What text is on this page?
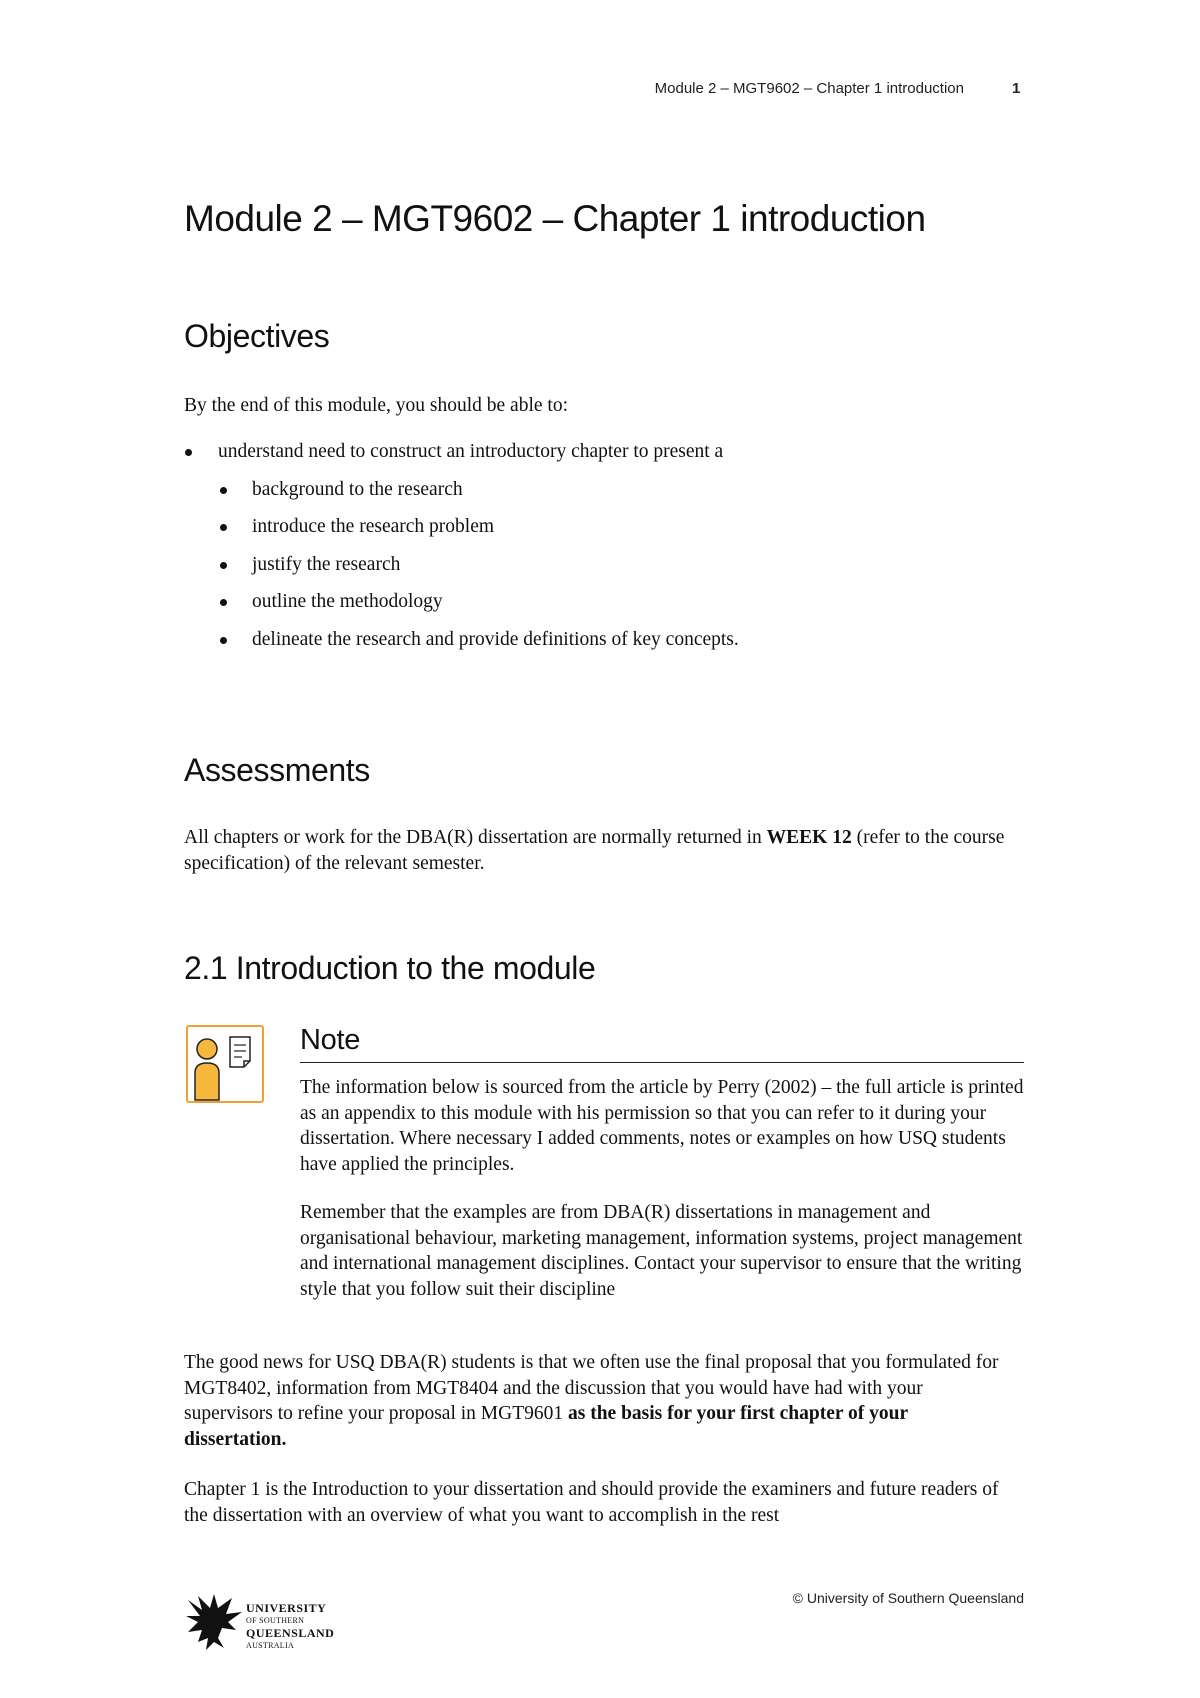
Module 2 – MGT9602 – Chapter 1 introduction	1
Module 2 – MGT9602 – Chapter 1 introduction
Objectives

By the end of this module, you should be able to:

understand need to construct an introductory chapter to present a
background to the research
introduce the research problem
justify the research
outline the methodology
delineate the research and provide definitions of key concepts.
Assessments

All chapters or work for the DBA(R) dissertation are normally returned in WEEK 12 (refer to the course specification) of the relevant semester.

2.1 Introduction to the module

The good news for USQ DBA(R) students is that we often use the final proposal that you formulated for MGT8402, information from MGT8404 and the discussion that you would have had with your supervisors to refine your proposal in MGT9601 as the basis for your first chapter of your dissertation.

Chapter 1 is the Introduction to your dissertation and should provide the examiners and future readers of the dissertation with an overview of what you want to accomplish in the rest

Note

The information below is sourced from the article by Perry (2002) – the full article is printed as an appendix to this module with his permission so that you can refer to it during your dissertation. Where necessary I added comments, notes or examples on how USQ students have applied the principles.

Remember that the examples are from DBA(R) dissertations in management and organisational behaviour, marketing management, information systems, project management and international management disciplines. Contact your supervisor to ensure that the writing style that you follow suit their discipline

© University of Southern Queensland
UNIVERSITY
OF SOUTHERN
QUEENSLAND
AUSTRALIA
